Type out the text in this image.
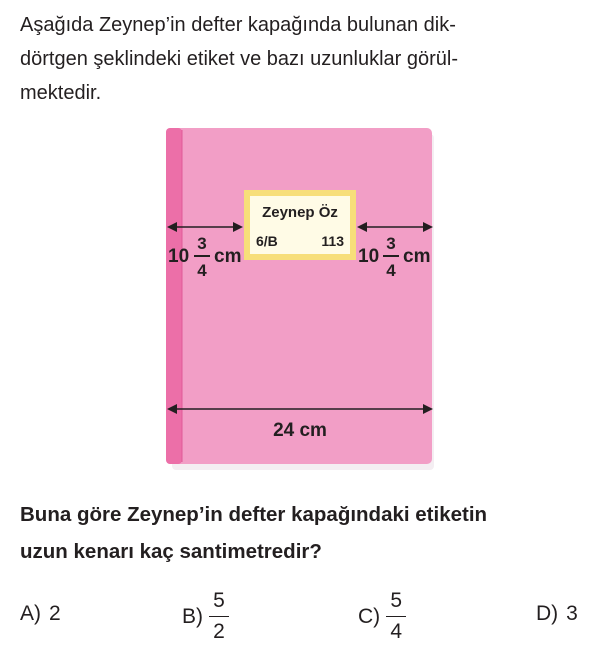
Aşağıda Zeynep’in defter kapağında bulunan dik-
dörtgen şeklindeki etiket ve bazı uzunluklar görül-
mektedir.
Zeynep Öz
6/B	113
10
3
4
cm	10
3
4
cm
24 cm
Buna göre Zeynep’in defter kapağındaki etiketin
uzun kenarı kaç santimetredir?
A) 2	$B) \frac{5}{2}$	$C) \frac{5}{4}$	D) 3
